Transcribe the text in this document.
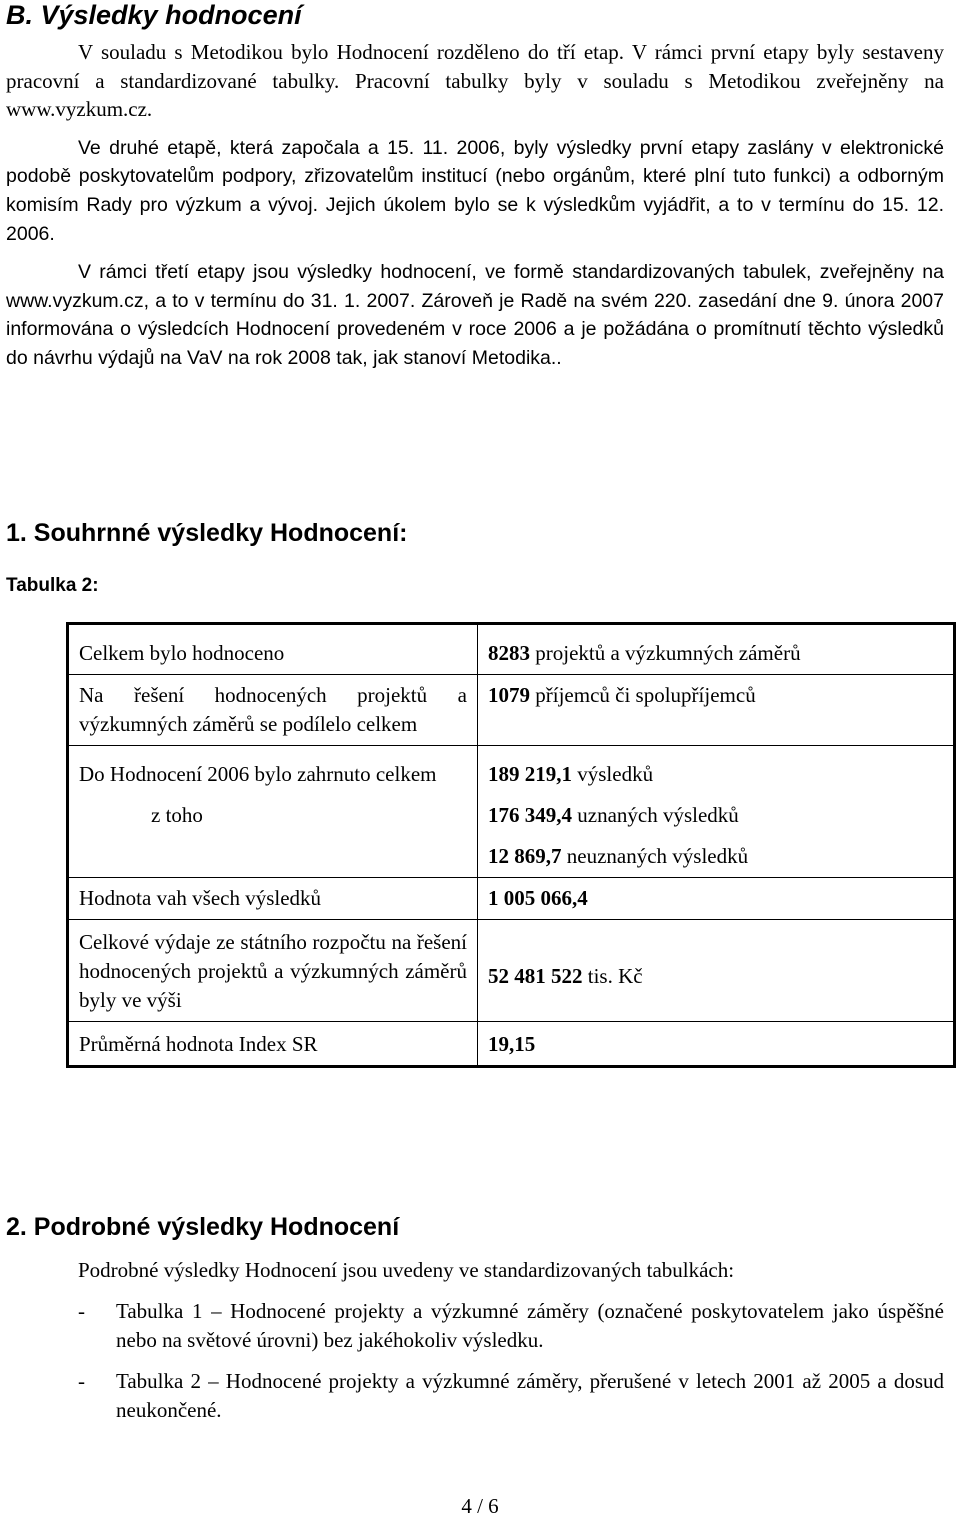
B. Výsledky hodnocení

V souladu s Metodikou bylo Hodnocení rozděleno do tří etap. V rámci první etapy byly sestaveny pracovní a standardizované tabulky. Pracovní tabulky byly v souladu s Metodikou zveřejněny na www.vyzkum.cz.

Ve druhé etapě, která započala a 15. 11. 2006, byly výsledky první etapy zaslány v elektronické podobě poskytovatelům podpory, zřizovatelům institucí (nebo orgánům, které plní tuto funkci) a odborným komisím Rady pro výzkum a vývoj. Jejich úkolem bylo se k výsledkům vyjádřit, a to v termínu do 15. 12. 2006.

V rámci třetí etapy jsou výsledky hodnocení, ve formě standardizovaných tabulek, zveřejněny na www.vyzkum.cz, a to v termínu do 31. 1. 2007. Zároveň je Radě na svém 220. zasedání dne 9. února 2007 informována o výsledcích Hodnocení provedeném v roce 2006 a je požádána o promítnutí těchto výsledků do návrhu výdajů na VaV na rok 2008 tak, jak stanoví Metodika..

1. Souhrnné výsledky Hodnocení:
Tabulka 2:
Celkem bylo hodnoceno	8283 projektů a výzkumných záměrů
Na řešení hodnocených projektů a výzkumných záměrů se podílelo celkem	1079 příjemců či spolupříjemců
Do Hodnocení 2006 bylo zahrnuto celkem	189 219,1 výsledků

z toho	176 349,4 uznaných výsledků
12 869,7 neuznaných výsledků

Hodnota vah všech výsledků	1 005 066,4
Celkové výdaje ze státního rozpočtu na řešení hodnocených projektů a výzkumných záměrů byly ve výši	52 481 522 tis. Kč
Průměrná hodnota Index SR	19,15
2. Podrobné výsledky Hodnocení

Podrobné výsledky Hodnocení jsou uvedeny ve standardizovaných tabulkách:

- Tabulka 1 – Hodnocené projekty a výzkumné záměry (označené poskytovatelem jako úspěšné nebo na světové úrovni) bez jakéhokoliv výsledku.
- Tabulka 2 – Hodnocené projekty a výzkumné záměry, přerušené v letech 2001 až 2005 a dosud neukončené.
4 / 6
